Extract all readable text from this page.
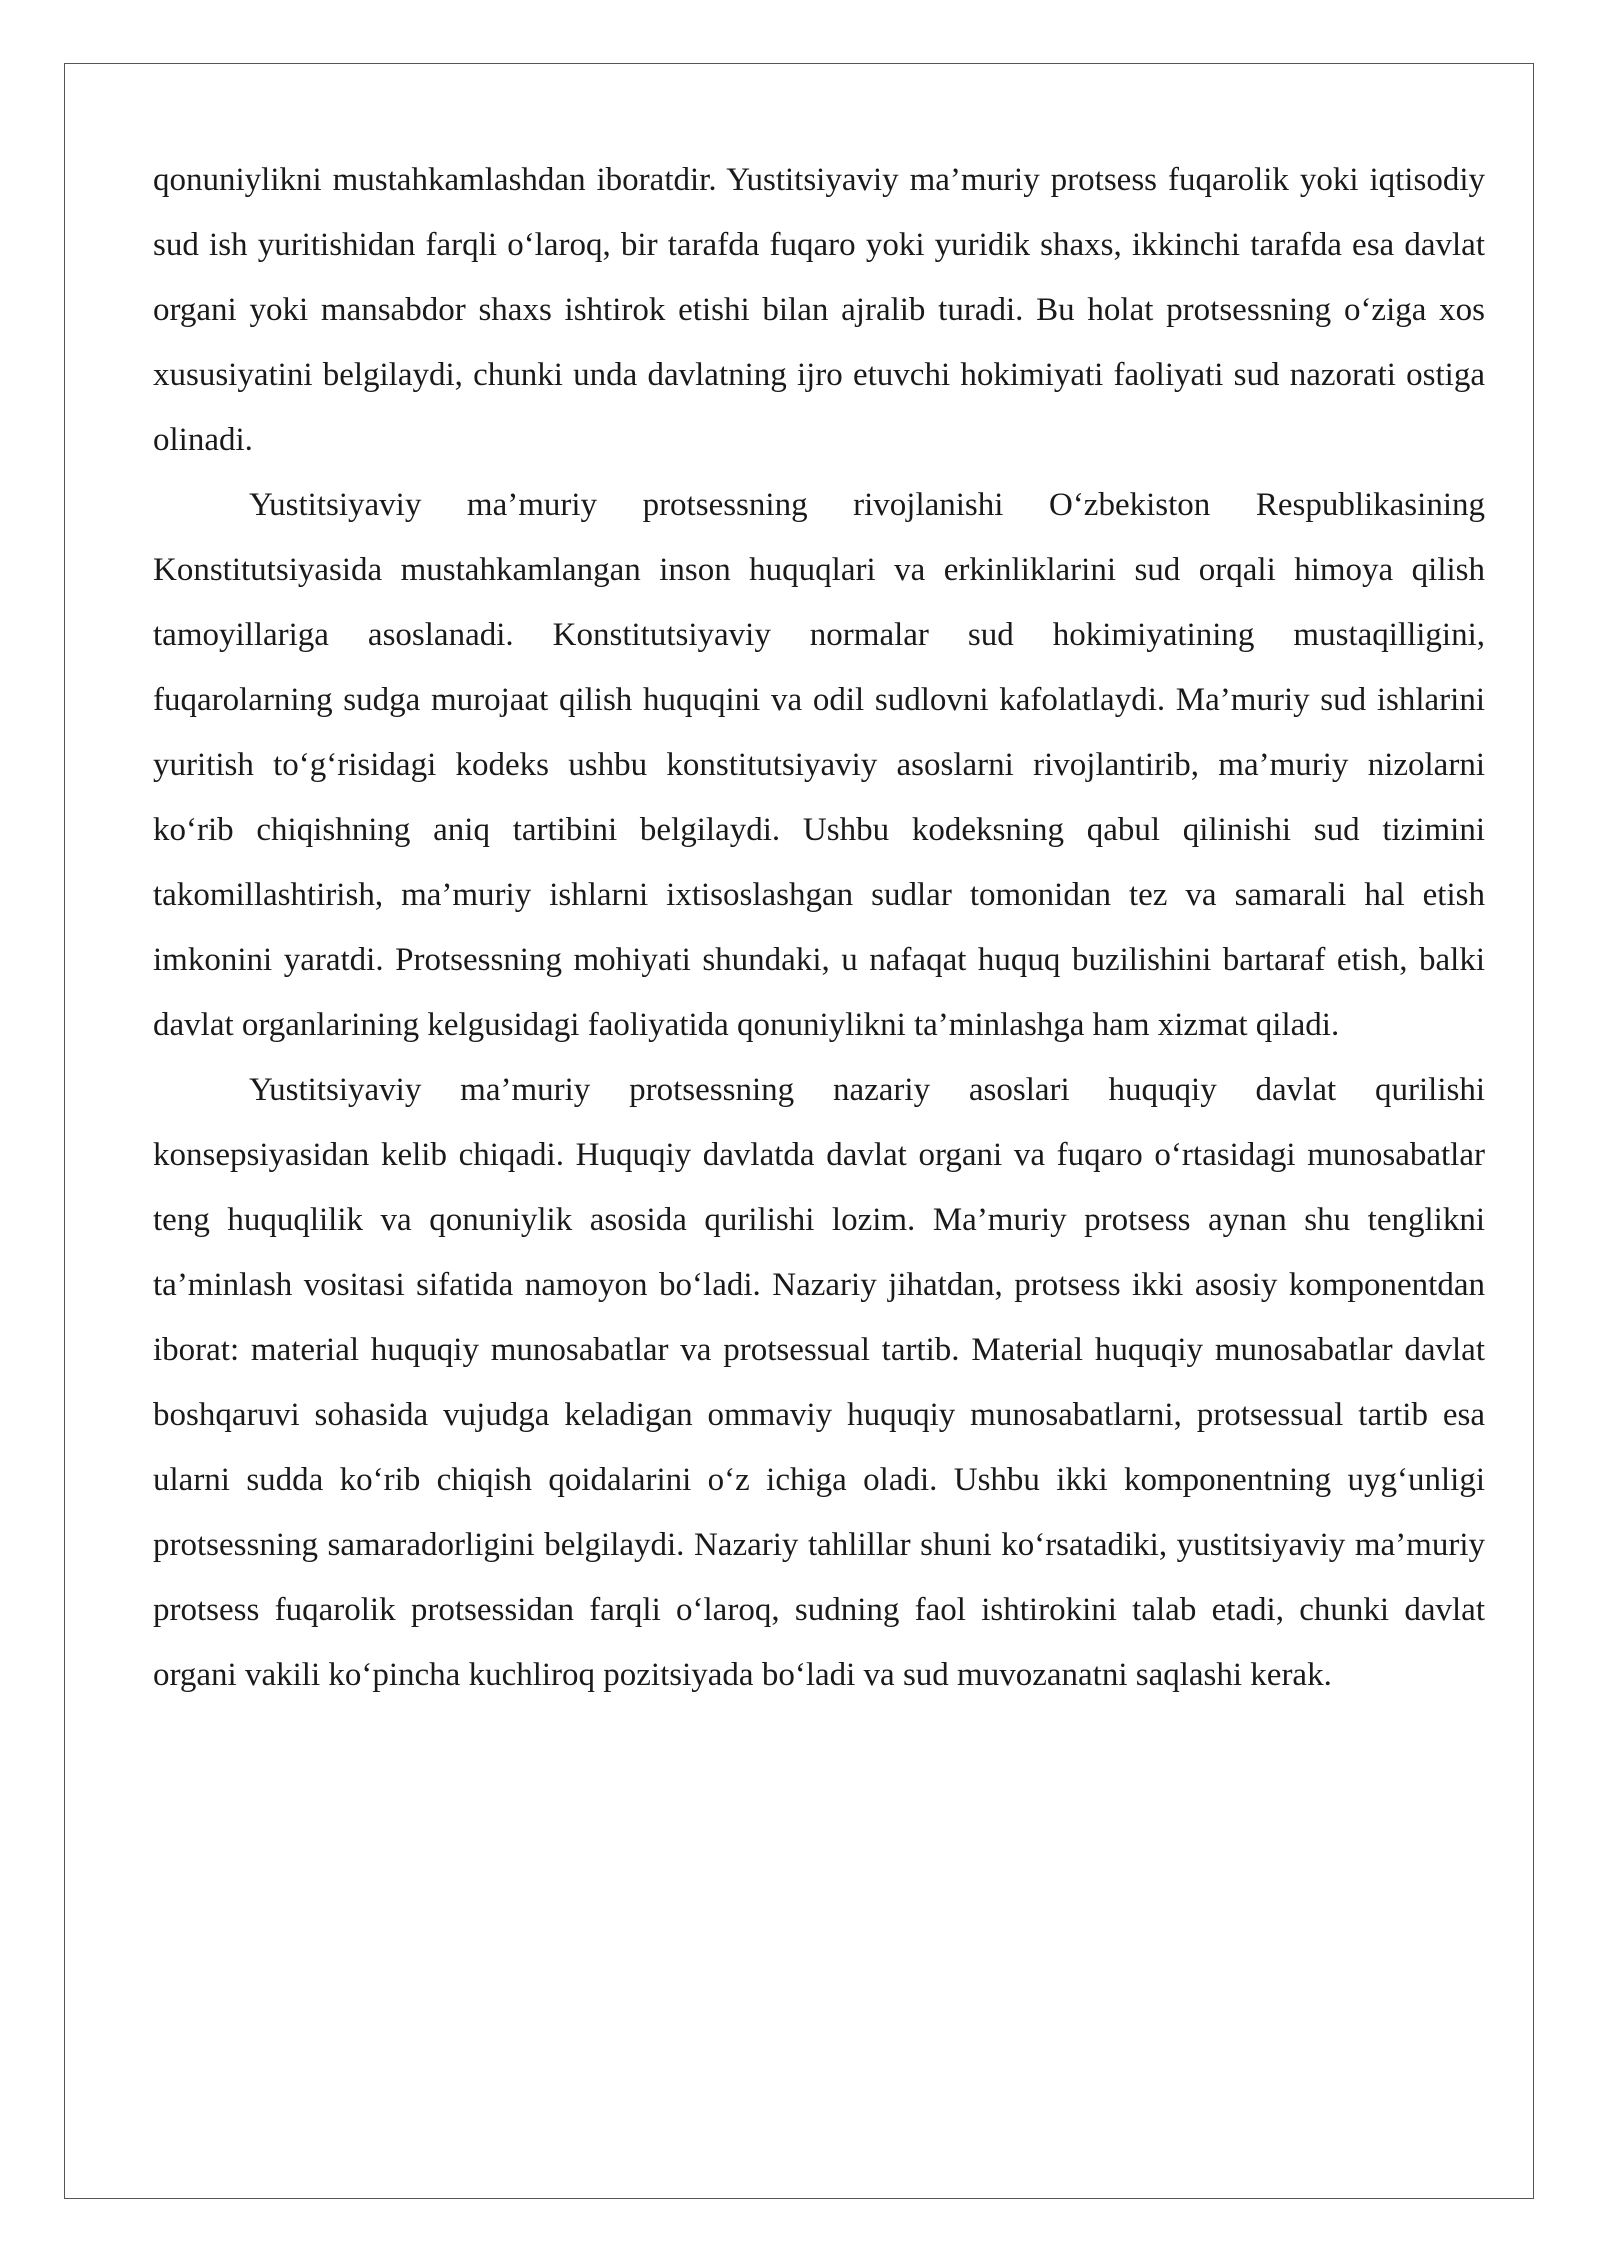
qonuniylikni mustahkamlashdan iboratdir. Yustitsiyaviy ma’muriy protsess fuqarolik yoki iqtisodiy sud ish yuritishidan farqli o‘laroq, bir tarafda fuqaro yoki yuridik shaxs, ikkinchi tarafda esa davlat organi yoki mansabdor shaxs ishtirok etishi bilan ajralib turadi. Bu holat protsessning o‘ziga xos xususiyatini belgilaydi, chunki unda davlatning ijro etuvchi hokimiyati faoliyati sud nazorati ostiga olinadi.

Yustitsiyaviy ma’muriy protsessning rivojlanishi O‘zbekiston Respublikasining Konstitutsiyasida mustahkamlangan inson huquqlari va erkinliklarini sud orqali himoya qilish tamoyillariga asoslanadi. Konstitutsiyaviy normalar sud hokimiyatining mustaqilligini, fuqarolarning sudga murojaat qilish huquqini va odil sudlovni kafolatlaydi. Ma’muriy sud ishlarini yuritish to‘g‘risidagi kodeks ushbu konstitutsiyaviy asoslarni rivojlantirib, ma’muriy nizolarni ko‘rib chiqishning aniq tartibini belgilaydi. Ushbu kodeksning qabul qilinishi sud tizimini takomillashtirish, ma’muriy ishlarni ixtisoslashgan sudlar tomonidan tez va samarali hal etish imkonini yaratdi. Protsessning mohiyati shundaki, u nafaqat huquq buzilishini bartaraf etish, balki davlat organlarining kelgusidagi faoliyatida qonuniylikni ta’minlashga ham xizmat qiladi.

Yustitsiyaviy ma’muriy protsessning nazariy asoslari huquqiy davlat qurilishi konsepsiyasidan kelib chiqadi. Huquqiy davlatda davlat organi va fuqaro o‘rtasidagi munosabatlar teng huquqlilik va qonuniylik asosida qurilishi lozim. Ma’muriy protsess aynan shu tenglikni ta’minlash vositasi sifatida namoyon bo‘ladi. Nazariy jihatdan, protsess ikki asosiy komponentdan iborat: material huquqiy munosabatlar va protsessual tartib. Material huquqiy munosabatlar davlat boshqaruvi sohasida vujudga keladigan ommaviy huquqiy munosabatlarni, protsessual tartib esa ularni sudda ko‘rib chiqish qoidalarini o‘z ichiga oladi. Ushbu ikki komponentning uyg‘unligi protsessning samaradorligini belgilaydi. Nazariy tahlillar shuni ko‘rsatadiki, yustitsiyaviy ma’muriy protsess fuqarolik protsessidan farqli o‘laroq, sudning faol ishtirokini talab etadi, chunki davlat organi vakili ko‘pincha kuchliroq pozitsiyada bo‘ladi va sud muvozanatni saqlashi kerak.
